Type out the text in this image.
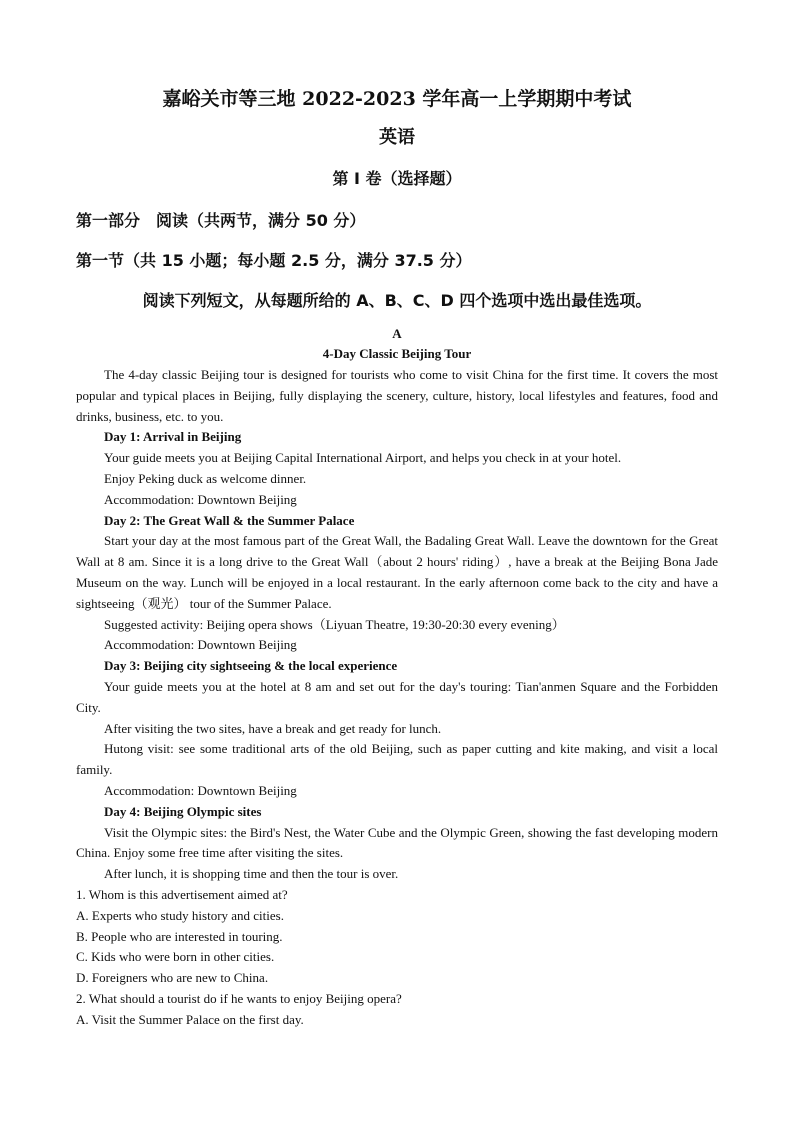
嘉峪关市等三地 2022-2023 学年高一上学期期中考试
英语
第 I 卷（选择题）
第一部分　阅读（共两节，满分 50 分）
第一节（共 15 小题；每小题 2.5 分，满分 37.5 分）
阅读下列短文，从每题所给的 A、B、C、D 四个选项中选出最佳选项。
A
4-Day Classic Beijing Tour

The 4-day classic Beijing tour is designed for tourists who come to visit China for the first time. It covers the most popular and typical places in Beijing, fully displaying the scenery, culture, history, local lifestyles and features, food and drinks, business, etc. to you.

Day 1: Arrival in Beijing

Your guide meets you at Beijing Capital International Airport, and helps you check in at your hotel.

Enjoy Peking duck as welcome dinner.

Accommodation: Downtown Beijing

Day 2: The Great Wall & the Summer Palace

Start your day at the most famous part of the Great Wall, the Badaling Great Wall. Leave the downtown for the Great Wall at 8 am. Since it is a long drive to the Great Wall（about 2 hours' riding）, have a break at the Beijing Bona Jade Museum on the way. Lunch will be enjoyed in a local restaurant. In the early afternoon come back to the city and have a sightseeing（观光） tour of the Summer Palace.

Suggested activity: Beijing opera shows（Liyuan Theatre, 19:30-20:30 every evening）

Accommodation: Downtown Beijing

Day 3: Beijing city sightseeing & the local experience

Your guide meets you at the hotel at 8 am and set out for the day's touring: Tian'anmen Square and the Forbidden City.

After visiting the two sites, have a break and get ready for lunch.

Hutong visit: see some traditional arts of the old Beijing, such as paper cutting and kite making, and visit a local family.

Accommodation: Downtown Beijing

Day 4: Beijing Olympic sites

Visit the Olympic sites: the Bird's Nest, the Water Cube and the Olympic Green, showing the fast developing modern China. Enjoy some free time after visiting the sites.

After lunch, it is shopping time and then the tour is over.

1. Whom is this advertisement aimed at?

A. Experts who study history and cities.

B. People who are interested in touring.

C. Kids who were born in other cities.

D. Foreigners who are new to China.

2. What should a tourist do if he wants to enjoy Beijing opera?

A. Visit the Summer Palace on the first day.
